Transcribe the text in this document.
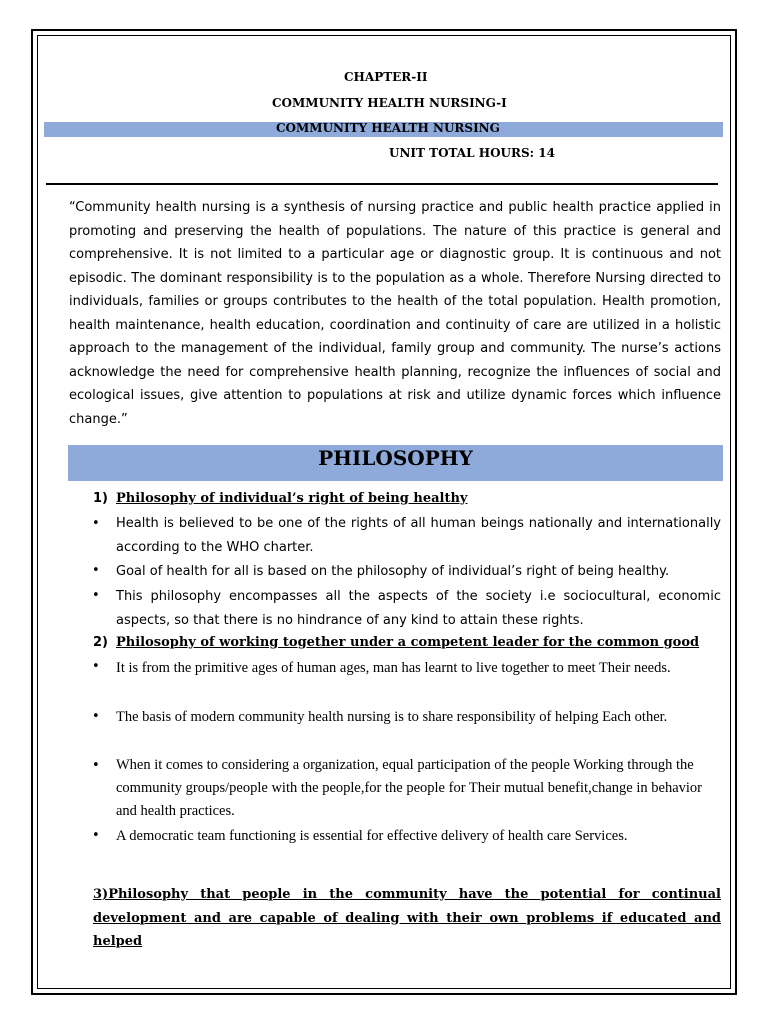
CHAPTER-II
COMMUNITY HEALTH NURSING-I
COMMUNITY HEALTH NURSING
UNIT TOTAL HOURS: 14

“Community health nursing is a synthesis of nursing practice and public health practice applied in promoting and preserving the health of populations. The nature of this practice is general and comprehensive. It is not limited to a particular age or diagnostic group. It is continuous and not episodic. The dominant responsibility is to the population as a whole. Therefore Nursing directed to individuals, families or groups contributes to the health of the total population. Health promotion, health maintenance, health education, coordination and continuity of care are utilized in a holistic approach to the management of the individual, family group and community. The nurse’s actions acknowledge the need for comprehensive health planning, recognize the influences of social and ecological issues, give attention to populations at risk and utilize dynamic forces which influence change.”

PHILOSOPHY
1) Philosophy of individual’s right of being healthy
• Health is believed to be one of the rights of all human beings nationally and internationally according to the WHO charter.

• Goal of health for all is based on the philosophy of individual’s right of being healthy.

• This philosophy encompasses all the aspects of the society i.e sociocultural, economic aspects, so that there is no hindrance of any kind to attain these rights.

2) Philosophy of working together under a competent leader for the common good
• It is from the primitive ages of human ages, man has learnt to live together to meet Their needs.

• The basis of modern community health nursing is to share responsibility of helping Each other.

• When it comes to considering a organization, equal participation of the people Working through the community groups/people with the people,for the people for Their mutual benefit,change in behavior and health practices.

• A democratic team functioning is essential for effective delivery of health care Services.

3)Philosophy that people in the community have the potential for continual
development and are capable of dealing with their own problems if educated and
helped
